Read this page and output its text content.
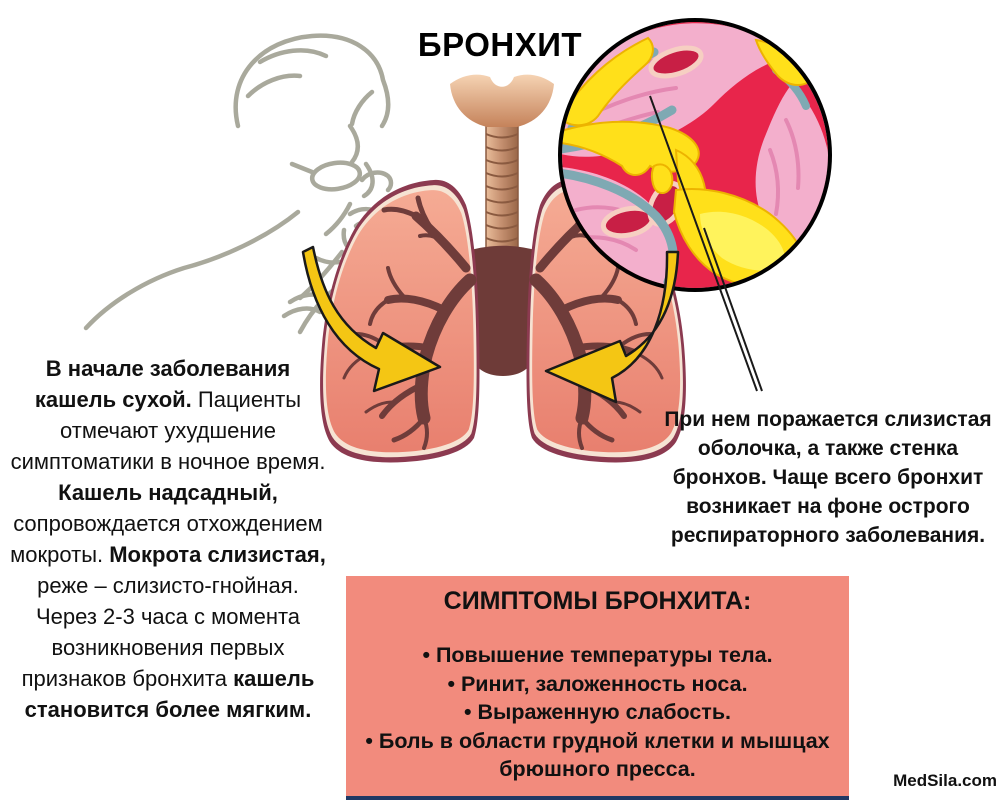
БРОНХИТ
В начале заболевания кашель сухой. Пациенты отмечают ухудшение симптоматики в ночное время. Кашель надсадный, сопровождается отхождением мокроты. Мокрота слизистая, реже – слизисто-гнойная. Через 2-3 часа с момента возникновения первых признаков бронхита кашель становится более мягким.
При нем поражается слизистая оболочка, а также стенка бронхов. Чаще всего бронхит возникает на фоне острого респираторного заболевания.
СИМПТОМЫ БРОНХИТА:
• Повышение температуры тела.
• Ринит, заложенность носа.
• Выраженную слабость.
• Боль в области грудной клетки и мышцах брюшного пресса.	MedSila.com
